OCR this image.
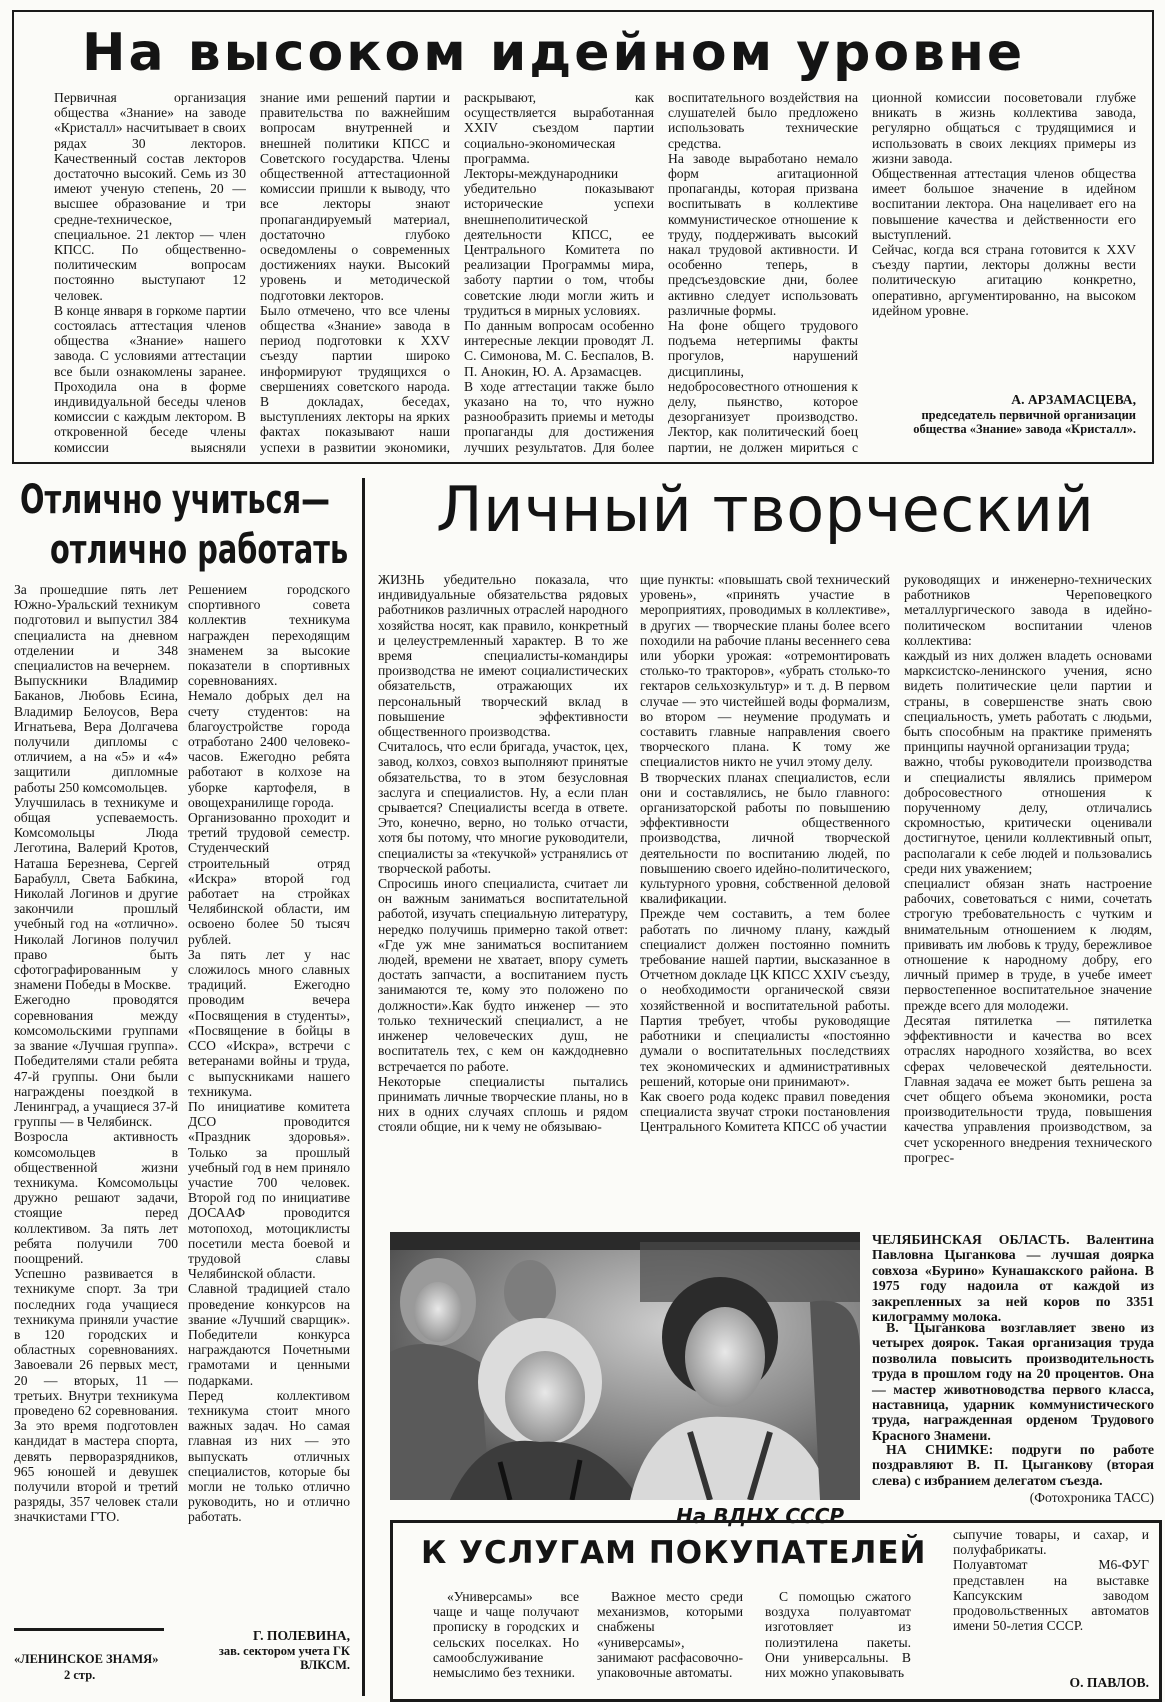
На высоком идейном уровне
Первичная организация общества «Знание» на заводе «Кристалл» насчитывает в своих рядах 30 лекторов. Качественный состав лекторов достаточно высокий. Семь из 30 имеют ученую степень, 20 — высшее образование и три средне-техническое, специальное. 21 лектор — член КПСС. По общественно-политическим вопросам постоянно выступают 12 человек.
В конце января в горкоме партии состоялась аттестация членов общества «Знание» нашего завода. С условиями аттестации все были ознакомлены заранее. Проходила она в форме индивидуальной беседы членов комиссии с каждым лектором. В откровенной беседе члены комиссии выясняли
знание ими решений партии и правительства по важнейшим вопросам внутренней и внешней политики КПСС и Советского государства. Члены общественной аттестационной комиссии пришли к выводу, что все лекторы знают пропагандируемый материал, достаточно глубоко осведомлены о современных достижениях науки. Высокий уровень и методической подготовки лекторов.
Было отмечено, что все члены общества «Знание» завода в период подготовки к XXV съезду партии широко информируют трудящихся о свершениях советского народа. В докладах, беседах, выступлениях лекторы на ярких фактах показывают наши успехи в развитии экономики,
раскрывают, как осуществляется выработанная XXIV съездом партии социально-экономическая программа.
Лекторы-международники убедительно показывают исторические успехи внешнеполитической деятельности КПСС, ее Центрального Комитета по реализации Программы мира, заботу партии о том, чтобы советские люди могли жить и трудиться в мирных условиях.
По данным вопросам особенно интересные лекции проводят Л. С. Симонова, М. С. Беспалов, В. П. Анокин, Ю. А. Арзамасцев.
В ходе аттестации также было указано на то, что нужно разнообразить приемы и методы пропаганды для достижения лучших результатов. Для более
воспитательного воздействия на слушателей было предложено использовать технические средства.
На заводе выработано немало форм агитационной пропаганды, которая призвана воспитывать в коллективе коммунистическое отношение к труду, поддерживать высокий накал трудовой активности. И особенно теперь, в предсъездовские дни, более активно следует использовать различные формы.
На фоне общего трудового подъема нетерпимы факты прогулов, нарушений дисциплины, недобросовестного отношения к делу, пьянство, которое дезорганизует производство. Лектор, как политический боец партии, не должен мириться с
ционной комиссии посоветовали глубже вникать в жизнь коллектива завода, регулярно общаться с трудящимися и использовать в своих лекциях примеры из жизни завода.
Общественная аттестация членов общества имеет большое значение в идейном воспитании лектора. Она нацеливает его на повышение качества и действенности его выступлений.
Сейчас, когда вся страна готовится к XXV съезду партии, лекторы должны вести политическую агитацию конкретно, оперативно, аргументированно, на высоком идейном уровне.
А. АРЗАМАСЦЕВА,
председатель первичной организации общества «Знание» завода «Кристалл».
Отлично учиться—
отлично работать
За прошедшие пять лет Южно-Уральский техникум подготовил и выпустил 384 специалиста на дневном отделении и 348 специалистов на вечернем.
Выпускники Владимир Баканов, Любовь Есина, Владимир Белоусов, Вера Игнатьева, Вера Долгачева получили дипломы с отличием, а на «5» и «4» защитили дипломные работы 250 комсомольцев.
Улучшилась в техникуме и общая успеваемость. Комсомольцы Люда Леготина, Валерий Кротов, Наташа Березнева, Сергей Барабулл, Света Бабкина, Николай Логинов и другие закончили прошлый учебный год на «отлично». Николай Логинов получил право быть сфотографированным у знамени Победы в Москве.
Ежегодно проводятся соревнования между комсомольскими группами за звание «Лучшая группа». Победителями стали ребята 47-й группы. Они были награждены поездкой в Ленинград, а учащиеся 37-й группы — в Челябинск.
Возросла активность комсомольцев в общественной жизни техникума. Комсомольцы дружно решают задачи, стоящие перед коллективом. За пять лет ребята получили 700 поощрений.
Успешно развивается в техникуме спорт. За три последних года учащиеся техникума приняли участие в 120 городских и областных соревнованиях. Завоевали 26 первых мест, 20 — вторых, 11 — третьих. Внутри техникума проведено 62 соревнования. За это время подготовлен кандидат в мастера спорта, девять перворазрядников, 965 юношей и девушек получили второй и третий разряды, 357 человек стали значкистами ГТО.
Решением городского спортивного совета коллектив техникума награжден переходящим знаменем за высокие показатели в спортивных соревнованиях.
Немало добрых дел на счету студентов: на благоустройстве города отработано 2400 человеко-часов. Ежегодно ребята работают в колхозе на уборке картофеля, в овощехранилище города.
Организованно проходит и третий трудовой семестр. Студенческий строительный отряд «Искра» второй год работает на стройках Челябинской области, им освоено более 50 тысяч рублей.
За пять лет у нас сложилось много славных традиций. Ежегодно проводим вечера «Посвящения в студенты», «Посвящение в бойцы в ССО «Искра», встречи с ветеранами войны и труда, с выпускниками нашего техникума.
По инициативе комитета ДСО проводится «Праздник здоровья». Только за прошлый учебный год в нем приняло участие 700 человек. Второй год по инициативе ДОСААФ проводится мотопоход, мотоциклисты посетили места боевой и трудовой славы Челябинской области.
Славной традицией стало проведение конкурсов на звание «Лучший сварщик». Победители конкурса награждаются Почетными грамотами и ценными подарками.
Перед коллективом техникума стоит много важных задач. Но самая главная из них — это выпускать отличных специалистов, которые бы могли не только отлично руководить, но и отлично работать.
Г. ПОЛЕВИНА,
зав. сектором учета ГК ВЛКСМ.
«ЛЕНИНСКОЕ ЗНАМЯ»
2 стр.
Личный творческий
ЖИЗНЬ убедительно показала, что индивидуальные обязательства рядовых работников различных отраслей народного хозяйства носят, как правило, конкретный и целеустремленный характер. В то же время специалисты-командиры производства не имеют социалистических обязательств, отражающих их персональный творческий вклад в повышение эффективности общественного производства.
Считалось, что если бригада, участок, цех, завод, колхоз, совхоз выполняют принятые обязательства, то в этом безусловная заслуга и специалистов. Ну, а если план срывается? Специалисты всегда в ответе. Это, конечно, верно, но только отчасти, хотя бы потому, что многие руководители, специалисты за «текучкой» устранялись от творческой работы.
Спросишь иного специалиста, считает ли он важным заниматься воспитательной работой, изучать специальную литературу, нередко получишь примерно такой ответ: «Где уж мне заниматься воспитанием людей, времени не хватает, впору суметь достать запчасти, а воспитанием пусть занимаются те, кому это положено по должности».Как будто инженер — это только технический специалист, а не инженер человеческих душ, не воспитатель тех, с кем он каждодневно встречается по работе.
Некоторые специалисты пытались принимать личные творческие планы, но в них в одних случаях сплошь и рядом стояли общие, ни к чему не обязываю-
щие пункты: «повышать свой технический уровень», «принять участие в мероприятиях, проводимых в коллективе», в других — творческие планы более всего походили на рабочие планы весеннего сева или уборки урожая: «отремонтировать столько-то тракторов», «убрать столько-то гектаров сельхозкультур» и т. д. В первом случае — это чистейшей воды формализм, во втором — неумение продумать и составить главные направления своего творческого плана. К тому же специалистов никто не учил этому делу.
В творческих планах специалистов, если они и составлялись, не было главного: организаторской работы по повышению эффективности общественного производства, личной творческой деятельности по воспитанию людей, по повышению своего идейно-политического, культурного уровня, собственной деловой квалификации.
Прежде чем составить, а тем более работать по личному плану, каждый специалист должен постоянно помнить требование нашей партии, высказанное в Отчетном докладе ЦК КПСС XXIV съезду, о необходимости органической связи хозяйственной и воспитательной работы. Партия требует, чтобы руководящие работники и специалисты «постоянно думали о воспитательных последствиях тех экономических и административных решений, которые они принимают».
Как своего рода кодекс правил поведения специалиста звучат строки постановления Центрального Комитета КПСС об участии
руководящих и инженерно-технических работников Череповецкого металлургического завода в идейно-политическом воспитании членов коллектива:
каждый из них должен владеть основами марксистско-ленинского учения, ясно видеть политические цели партии и страны, в совершенстве знать свою специальность, уметь работать с людьми, быть способным на практике применять принципы научной организации труда;
важно, чтобы руководители производства и специалисты являлись примером добросовестного отношения к порученному делу, отличались скромностью, критически оценивали достигнутое, ценили коллективный опыт, располагали к себе людей и пользовались среди них уважением;
специалист обязан знать настроение рабочих, советоваться с ними, сочетать строгую требовательность с чутким и внимательным отношением к людям, прививать им любовь к труду, бережливое отношение к народному добру, его личный пример в труде, в учебе имеет первостепенное воспитательное значение прежде всего для молодежи.
Десятая пятилетка — пятилетка эффективности и качества во всех отраслях народного хозяйства, во всех сферах человеческой деятельности. Главная задача ее может быть решена за счет общего объема экономики, роста производительности труда, повышения качества управления производством, за счет ускоренного внедрения технического прогрес-
ЧЕЛЯБИНСКАЯ ОБЛАСТЬ. Валентина Павловна Цыганкова — лучшая доярка совхоза «Бурино» Кунашакского района. В 1975 году надоила от каждой из закрепленных за ней коров по 3351 килограмму молока.
В. Цыганкова возглавляет звено из четырех доярок. Такая организация труда позволила повысить производительность труда в прошлом году на 20 процентов. Она — мастер животноводства первого класса, наставница, ударник коммунистического труда, награжденная орденом Трудового Красного Знамени.
НА СНИМКЕ: подруги по работе поздравляют В. П. Цыганкову (вторая слева) с избранием делегатом съезда.
(Фотохроника ТАСС)
На ВДНХ СССР
К УСЛУГАМ ПОКУПАТЕЛЕЙ
«Универсамы» все чаще и чаще получают прописку в городских и сельских поселках. Но самообслуживание немыслимо без техники.
Важное место среди механизмов, которыми снабжены «универсамы», занимают расфасовочно-упаковочные автоматы.
С помощью сжатого воздуха полуавтомат изготовляет из полиэтилена пакеты. Они универсальны. В них можно упаковывать
сыпучие товары, и сахар, и полуфабрикаты.
Полуавтомат М6-ФУГ представлен на выставке Капсукским заводом продовольственных автоматов имени 50-летия СССР.
О. ПАВЛОВ.
